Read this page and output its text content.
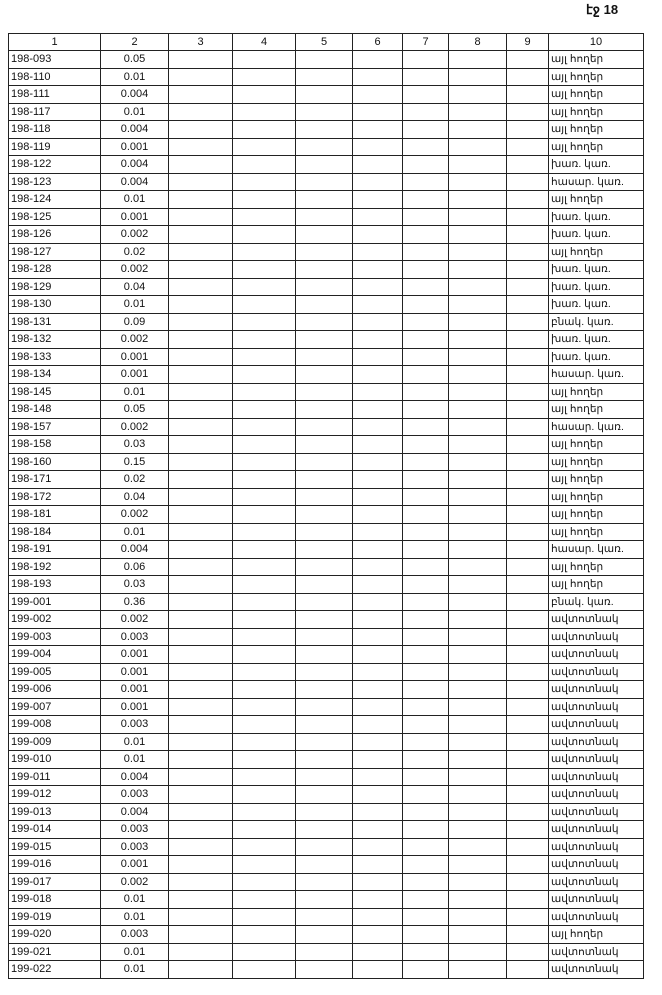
էջ 18
1	2	3	4	5	6	7	8	9	10
198-093	0.05								այլ հողեր
198-110	0.01								այլ հողեր
198-111	0.004								այլ հողեր
198-117	0.01								այլ հողեր
198-118	0.004								այլ հողեր
198-119	0.001								այլ հողեր
198-122	0.004								խառ. կառ.
198-123	0.004								հասար. կառ.
198-124	0.01								այլ հողեր
198-125	0.001								խառ. կառ.
198-126	0.002								խառ. կառ.
198-127	0.02								այլ հողեր
198-128	0.002								խառ. կառ.
198-129	0.04								խառ. կառ.
198-130	0.01								խառ. կառ.
198-131	0.09								բնակ. կառ.
198-132	0.002								խառ. կառ.
198-133	0.001								խառ. կառ.
198-134	0.001								հասար. կառ.
198-145	0.01								այլ հողեր
198-148	0.05								այլ հողեր
198-157	0.002								հասար. կառ.
198-158	0.03								այլ հողեր
198-160	0.15								այլ հողեր
198-171	0.02								այլ հողեր
198-172	0.04								այլ հողեր
198-181	0.002								այլ հողեր
198-184	0.01								այլ հողեր
198-191	0.004								հասար. կառ.
198-192	0.06								այլ հողեր
198-193	0.03								այլ հողեր
199-001	0.36								բնակ. կառ.
199-002	0.002								ավտոտնակ
199-003	0.003								ավտոտնակ
199-004	0.001								ավտոտնակ
199-005	0.001								ավտոտնակ
199-006	0.001								ավտոտնակ
199-007	0.001								ավտոտնակ
199-008	0.003								ավտոտնակ
199-009	0.01								ավտոտնակ
199-010	0.01								ավտոտնակ
199-011	0.004								ավտոտնակ
199-012	0.003								ավտոտնակ
199-013	0.004								ավտոտնակ
199-014	0.003								ավտոտնակ
199-015	0.003								ավտոտնակ
199-016	0.001								ավտոտնակ
199-017	0.002								ավտոտնակ
199-018	0.01								ավտոտնակ
199-019	0.01								ավտոտնակ
199-020	0.003								այլ հողեր
199-021	0.01								ավտոտնակ
199-022	0.01								ավտոտնակ
